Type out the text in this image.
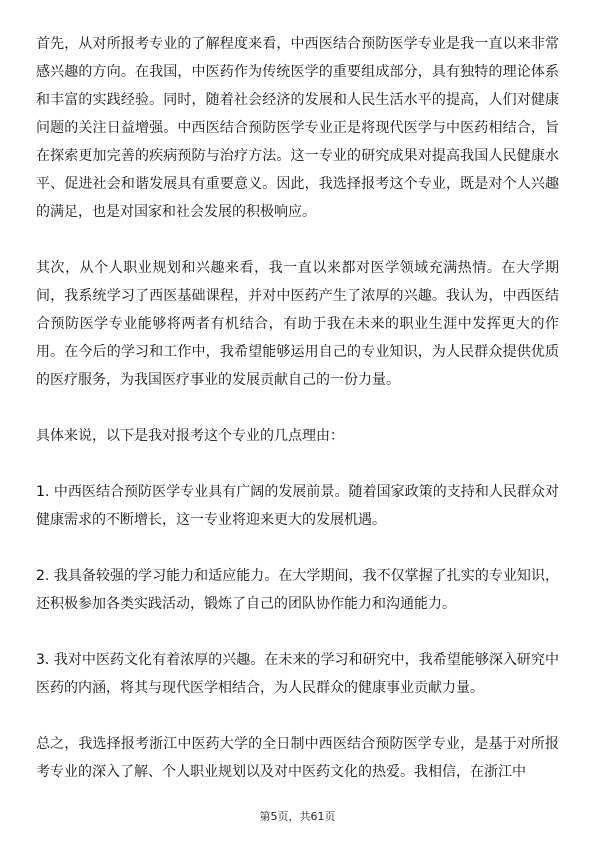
首先，从对所报考专业的了解程度来看，中西医结合预防医学专业是我一直以来非常感兴趣的方向。在我国，中医药作为传统医学的重要组成部分，具有独特的理论体系和丰富的实践经验。同时，随着社会经济的发展和人民生活水平的提高，人们对健康问题的关注日益增强。中西医结合预防医学专业正是将现代医学与中医药相结合，旨在探索更加完善的疾病预防与治疗方法。这一专业的研究成果对提高我国人民健康水平、促进社会和谐发展具有重要意义。因此，我选择报考这个专业，既是对个人兴趣的满足，也是对国家和社会发展的积极响应。

其次，从个人职业规划和兴趣来看，我一直以来都对医学领域充满热情。在大学期间，我系统学习了西医基础课程，并对中医药产生了浓厚的兴趣。我认为，中西医结合预防医学专业能够将两者有机结合，有助于我在未来的职业生涯中发挥更大的作用。在今后的学习和工作中，我希望能够运用自己的专业知识，为人民群众提供优质的医疗服务，为我国医疗事业的发展贡献自己的一份力量。

具体来说，以下是我对报考这个专业的几点理由：

1. 中西医结合预防医学专业具有广阔的发展前景。随着国家政策的支持和人民群众对健康需求的不断增长，这一专业将迎来更大的发展机遇。

2. 我具备较强的学习能力和适应能力。在大学期间，我不仅掌握了扎实的专业知识，还积极参加各类实践活动，锻炼了自己的团队协作能力和沟通能力。

3. 我对中医药文化有着浓厚的兴趣。在未来的学习和研究中，我希望能够深入研究中医药的内涵，将其与现代医学相结合，为人民群众的健康事业贡献力量。

总之，我选择报考浙江中医药大学的全日制中西医结合预防医学专业，是基于对所报考专业的深入了解、个人职业规划以及对中医药文化的热爱。我相信，在浙江中

第5页，共61页
